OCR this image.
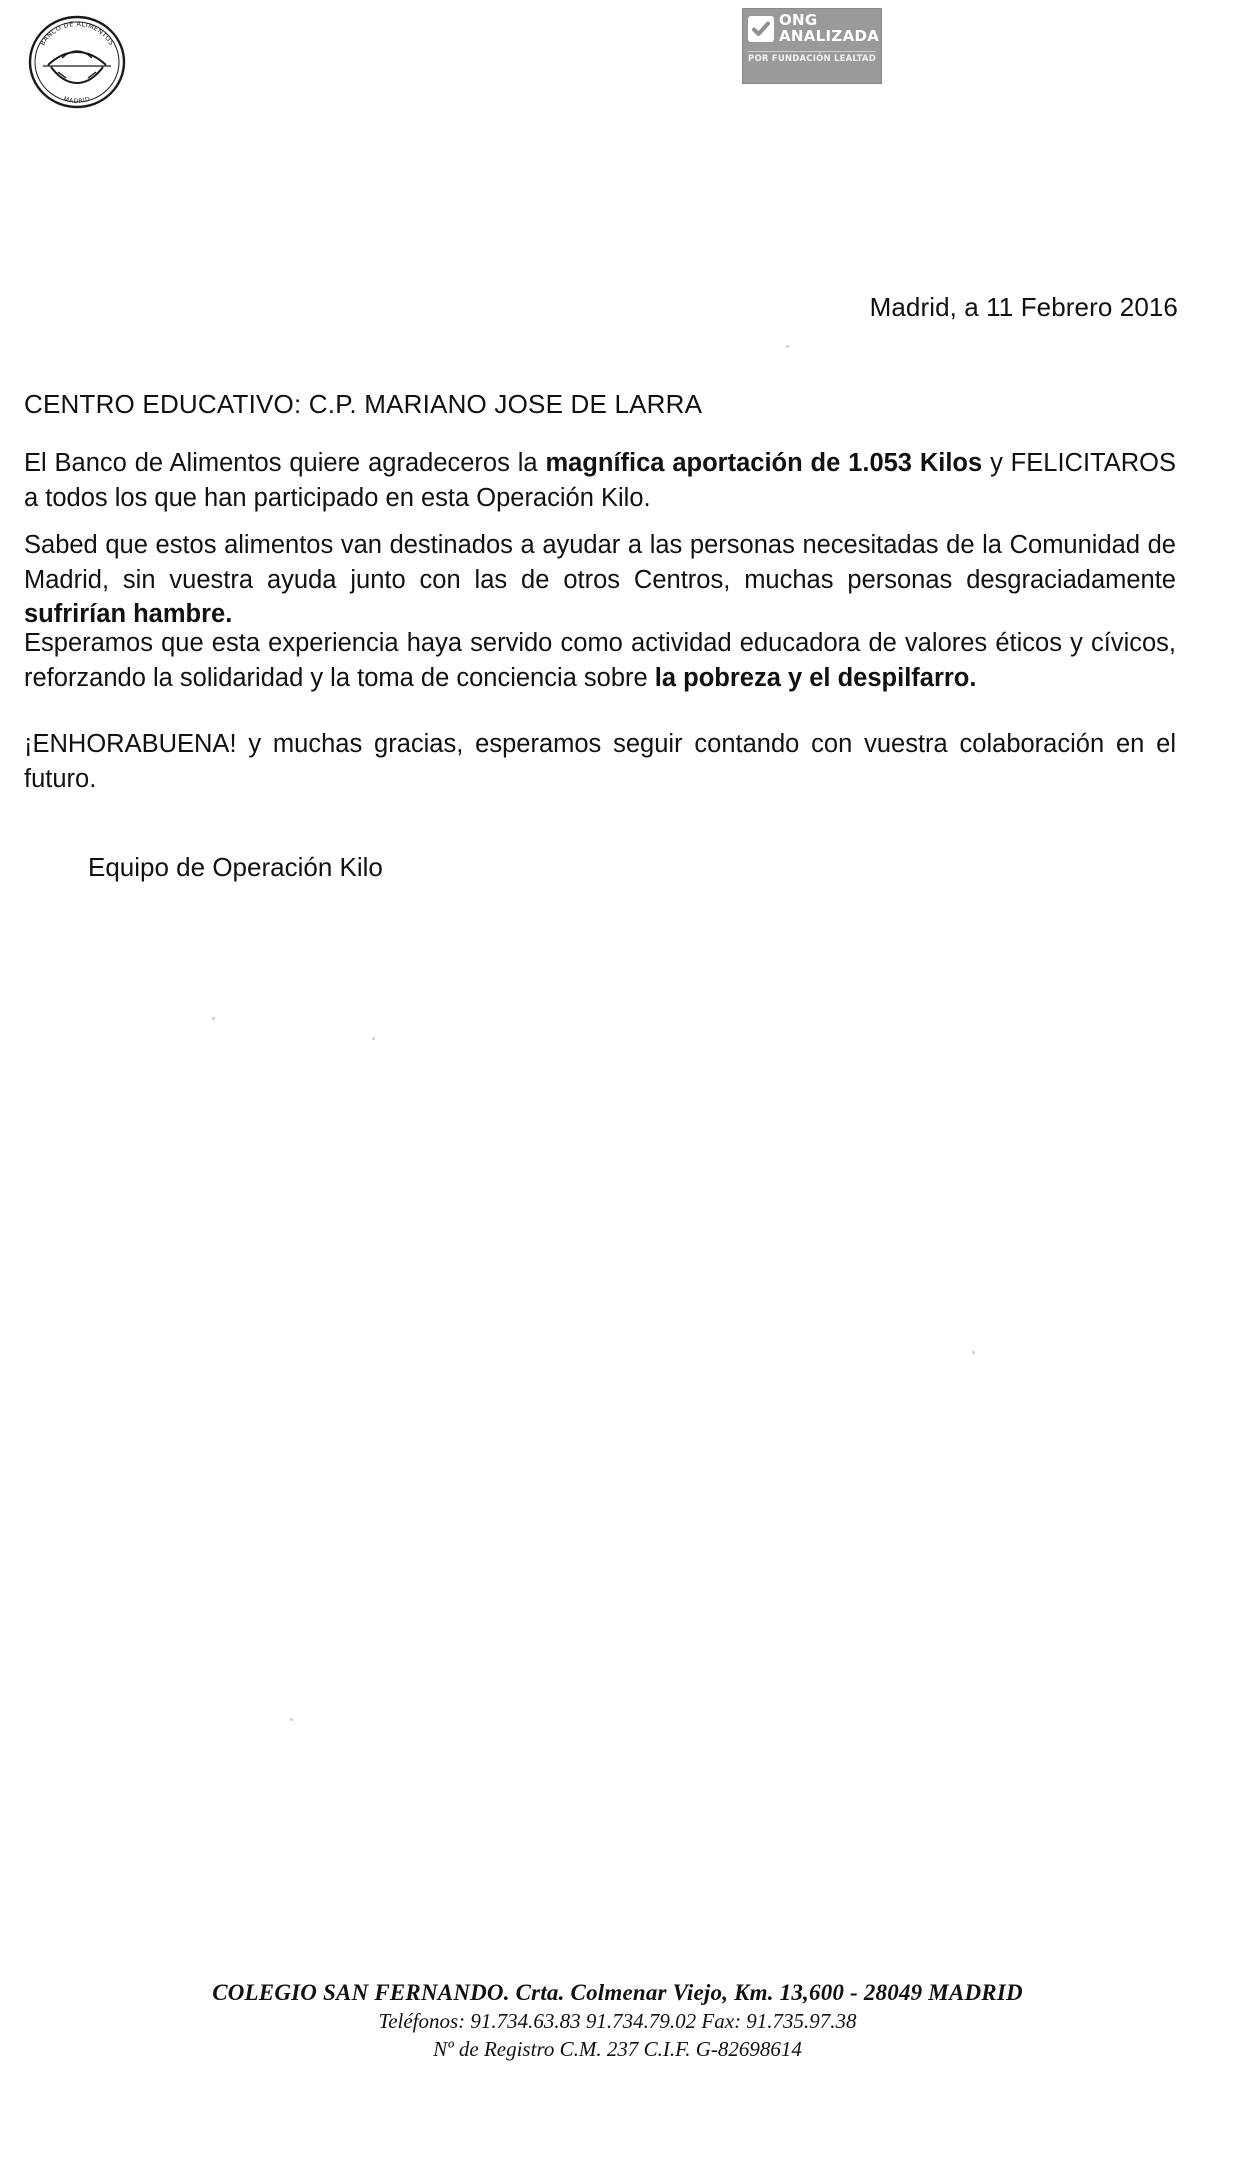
BANCO DE ALIMENTOS
MADRID
ONG
ANALIZADA
POR FUNDACIÓN LEALTAD
Madrid, a 11 Febrero 2016
CENTRO EDUCATIVO: C.P. MARIANO JOSE DE LARRA
El Banco de Alimentos quiere agradeceros la magnífica aportación de 1.053 Kilos y FELICITAROS a todos los que han participado en esta Operación Kilo.
Sabed que estos alimentos van destinados a ayudar a las personas necesitadas de la Comunidad de Madrid, sin vuestra ayuda junto con las de otros Centros, muchas personas desgraciadamente sufrirían hambre.
Esperamos que esta experiencia haya servido como actividad educadora de valores éticos y cívicos, reforzando la solidaridad y la toma de conciencia sobre la pobreza y el despilfarro.
¡ENHORABUENA! y muchas gracias, esperamos seguir contando con vuestra colaboración en el futuro.
Equipo de Operación Kilo
COLEGIO SAN FERNANDO. Crta. Colmenar Viejo, Km. 13,600 - 28049 MADRID
Teléfonos: 91.734.63.83 91.734.79.02 Fax: 91.735.97.38
Nº de Registro C.M. 237 C.I.F. G-82698614
